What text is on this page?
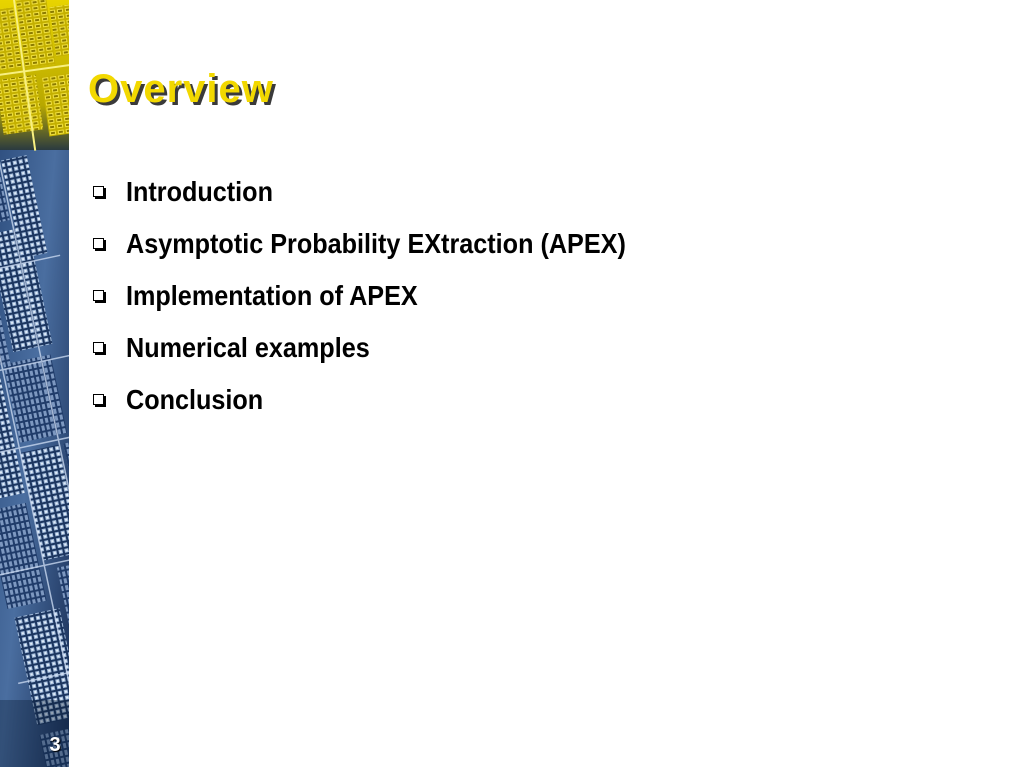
3
Overview
Introduction
Asymptotic Probability EXtraction (APEX)
Implementation of APEX
Numerical examples
Conclusion
